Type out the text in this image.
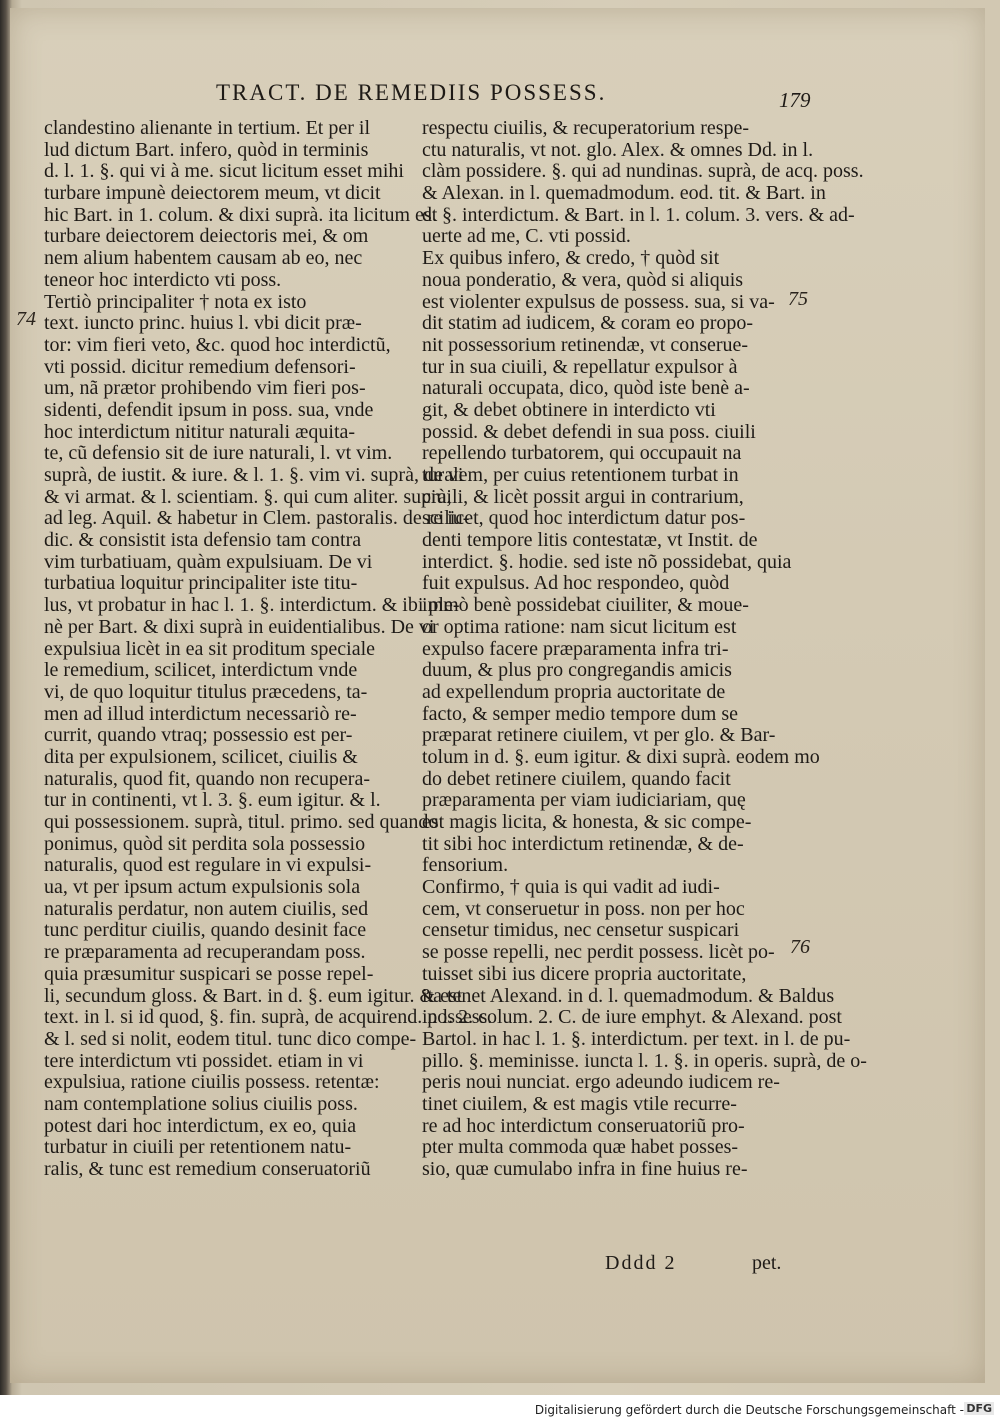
TRACT. DE REMEDIIS POSSESS.	179
clandestino alienante in tertium. Et per il
lud dictum Bart. infero, quòd in terminis
d. l. 1. §. qui vi à me. sicut licitum esset mihi
turbare impunè deiectorem meum, vt dicit
hic Bart. in 1. colum. & dixi suprà. ita licitum est
turbare deiectorem deiectoris mei, & om
nem alium habentem causam ab eo, nec
teneor hoc interdicto vti poss.
Tertiò principaliter † nota ex isto
text. iuncto princ. huius l. vbi dicit præ-
tor: vim fieri veto, &c. quod hoc interdictũ,
vti possid. dicitur remedium defensori-
um, nã prætor prohibendo vim fieri pos-
sidenti, defendit ipsum in poss. sua, vnde
hoc interdictum nititur naturali æquita-
te, cũ defensio sit de iure naturali, l. vt vim.
suprà, de iustit. & iure. & l. 1. §. vim vi. suprà, de vi
& vi armat. & l. scientiam. §. qui cum aliter. suprà,
ad leg. Aquil. & habetur in Clem. pastoralis. de re iu-
dic. & consistit ista defensio tam contra
vim turbatiuam, quàm expulsiuam. De vi
turbatiua loquitur principaliter iste titu-
lus, vt probatur in hac l. 1. §. interdictum. & ibi ple-
nè per Bart. & dixi suprà in euidentialibus. De vi
expulsiua licèt in ea sit proditum speciale
le remedium, scilicet, interdictum vnde
vi, de quo loquitur titulus præcedens, ta-
men ad illud interdictum necessariò re-
currit, quando vtraq; possessio est per-
dita per expulsionem, scilicet, ciuilis &
naturalis, quod fit, quando non recupera-
tur in continenti, vt l. 3. §. eum igitur. & l.
qui possessionem. suprà, titul. primo. sed quando
ponimus, quòd sit perdita sola possessio
naturalis, quod est regulare in vi expulsi-
ua, vt per ipsum actum expulsionis sola
naturalis perdatur, non autem ciuilis, sed
tunc perditur ciuilis, quando desinit face
re præparamenta ad recuperandam poss.
quia præsumitur suspicari se posse repel-
li, secundum gloss. & Bart. in d. §. eum igitur. & est
text. in l. si id quod, §. fin. suprà, de acquirend. possess.
& l. sed si nolit, eodem titul. tunc dico compe-
tere interdictum vti possidet. etiam in vi
expulsiua, ratione ciuilis possess. retentæ:
nam contemplatione solius ciuilis poss.
potest dari hoc interdictum, ex eo, quia
turbatur in ciuili per retentionem natu-
ralis, & tunc est remedium conseruatoriũ
respectu ciuilis, & recuperatorium respe-
ctu naturalis, vt not. glo. Alex. & omnes Dd. in l.
clàm possidere. §. qui ad nundinas. suprà, de acq. poss.
& Alexan. in l. quemadmodum. eod. tit. & Bart. in
d. §. interdictum. & Bart. in l. 1. colum. 3. vers. & ad-
uerte ad me, C. vti possid.
Ex quibus infero, & credo, † quòd sit
noua ponderatio, & vera, quòd si aliquis
est violenter expulsus de possess. sua, si va-
dit statim ad iudicem, & coram eo propo-
nit possessorium retinendæ, vt conserue-
tur in sua ciuili, & repellatur expulsor à
naturali occupata, dico, quòd iste benè a-
git, & debet obtinere in interdicto vti
possid. & debet defendi in sua poss. ciuili
repellendo turbatorem, qui occupauit na
turalem, per cuius retentionem turbat in
ciuili, & licèt possit argui in contrarium,
scilicet, quod hoc interdictum datur pos-
denti tempore litis contestatæ, vt Instit. de
interdict. §. hodie. sed iste nõ possidebat, quia
fuit expulsus. Ad hoc respondeo, quòd
immò benè possidebat ciuiliter, & moue-
or optima ratione: nam sicut licitum est
expulso facere præparamenta infra tri-
duum, & plus pro congregandis amicis
ad expellendum propria auctoritate de
facto, & semper medio tempore dum se
præparat retinere ciuilem, vt per glo. & Bar-
tolum in d. §. eum igitur. & dixi suprà. eodem mo
do debet retinere ciuilem, quando facit
præparamenta per viam iudiciariam, quę
est magis licita, & honesta, & sic compe-
tit sibi hoc interdictum retinendæ, & de-
fensorium.
Confirmo, † quia is qui vadit ad iudi-
cem, vt conseruetur in poss. non per hoc
censetur timidus, nec censetur suspicari
se posse repelli, nec perdit possess. licèt po-
tuisset sibi ius dicere propria auctoritate,
ita tenet Alexand. in d. l. quemadmodum. & Baldus
in l. 2. colum. 2. C. de iure emphyt. & Alexand. post
Bartol. in hac l. 1. §. interdictum. per text. in l. de pu-
pillo. §. meminisse. iuncta l. 1. §. in operis. suprà, de o-
peris noui nunciat. ergo adeundo iudicem re-
tinet ciuilem, & est magis vtile recurre-
re ad hoc interdictum conseruatoriũ pro-
pter multa commoda quæ habet posses-
sio, quæ cumulabo infra in fine huius re-
74
75
76
Dddd 2	pet.
Digitalisierung gefördert durch die Deutsche Forschungsgemeinschaft - DFG
